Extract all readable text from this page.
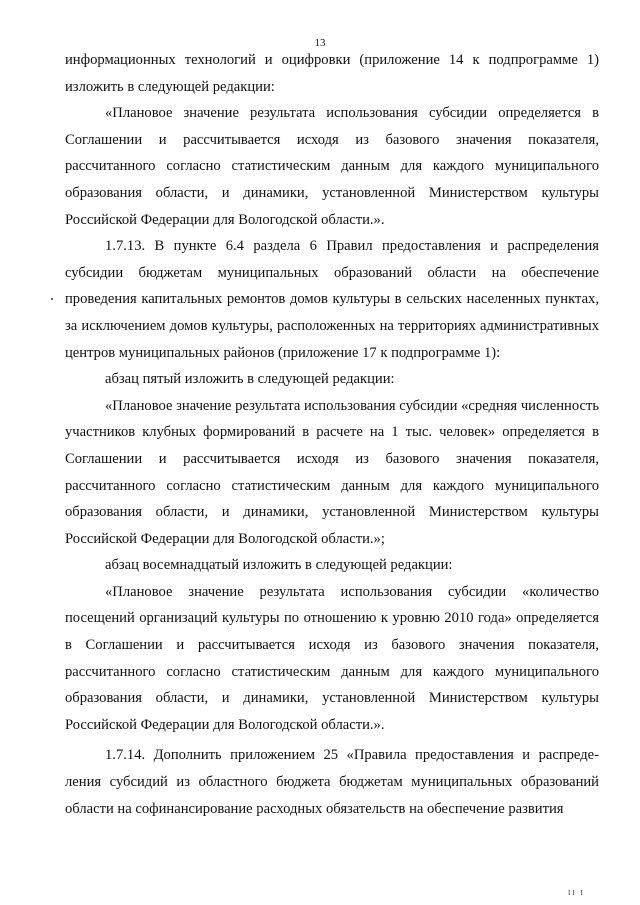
13

информационных технологий и оцифровки (приложение 14 к подпрограмме 1) изложить в следующей редакции:

«Плановое значение результата использования субсидии определяется в Соглашении и рассчитывается исходя из базового значения показателя, рассчитанного согласно статистическим данным для каждого муниципального образования области, и динамики, установленной Министерством культуры Российской Федерации для Вологодской области.».

1.7.13. В пункте 6.4 раздела 6 Правил предоставления и распределения субсидии бюджетам муниципальных образований области на обеспечение проведения капитальных ремонтов домов культуры в сельских населенных пунктах, за исключением домов культуры, расположенных на территориях административных центров муниципальных районов (приложение 17 к подпрограмме 1):

абзац пятый изложить в следующей редакции:

«Плановое значение результата использования субсидии «средняя численность участников клубных формирований в расчете на 1 тыс. человек» определяется в Соглашении и рассчитывается исходя из базового значения показателя, рассчитанного согласно статистическим данным для каждого муниципального образования области, и динамики, установленной Министерством культуры Российской Федерации для Вологодской области.»;

абзац восемнадцатый изложить в следующей редакции:

«Плановое значение результата использования субсидии «количество посещений организаций культуры по отношению к уровню 2010 года» определяется в Соглашении и рассчитывается исходя из базового значения показателя, рассчитанного согласно статистическим данным для каждого муниципального образования области, и динамики, установленной Министерством культуры Российской Федерации для Вологодской области.».

1.7.14. Дополнить приложением 25 «Правила предоставления и распреде-ления субсидий из областного бюджета бюджетам муниципальных образований области на софинансирование расходных обязательств на обеспечение развития

II I
